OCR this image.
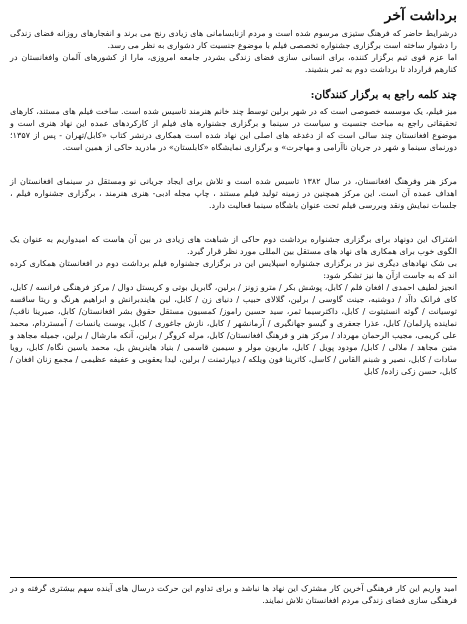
برداشت آخر

درشرایط حاضر که فرهنگ ستیزی مرسوم شده است و مردم ازنابسامانی های زیادی رنج می برند و انفجارهای روزانه فضای زندگی را دشوار ساخته است برگزاری جشنواره تخصصی فیلم با موضوع جنسیت کار دشواری به نظر می رسد.

اما عزم قوی تیم برگزار کننده، برای انسانی سازی فضای زندگی بشردر جامعه امروزی، مارا از کشورهای آلمان وافغانستان در کنارهم قرارداد تا برداشت دوم به ثمر بنشیند.

چند کلمه راجع به برگزار کنندگان:

میز فیلم، یک موسسه خصوصی است که در شهر برلین توسط چند خانم هنرمند تاسیس شده است. ساخت فیلم های مستند، کارهای تحقیقاتی راجع به مباحث جنسیت و سیاست در سینما و برگزاری جشنواره های فیلم از کارکردهای عمده این نهاد هنری است و موضوع افغانستان چند سالی است که از دغدغه های اصلی این نهاد شده است همکاری درنشر کتاب «کابل/تهران - پس از ۱۳۵۷؛ دورنمای سینما و شهر در جریان ناآرامی و مهاجرت» و برگزاری نمایشگاه «کابلستان» در مادرید حاکی از همین است.

مرکز هنر وفرهنگ افغانستان، در سال ۱۳۸۲ تاسیس شده است و تلاش برای ایجاد جریانی نو ومستقل در سینمای افغانستان از اهداف عمده آن است. این مرکز همچنین در زمینه تولید فیلم مستند ، چاپ مجله ادبی- هنری هنرمند ، برگزاری جشنواره فیلم ، جلسات نمایش ونقد وبررسی فیلم تحت عنوان باشگاه سینما فعالیت دارد.

اشتراک این دونهاد برای برگزاری جشنواره برداشت دوم حاکی از شباهت های زیادی در بین آن هاست که امیدواریم به عنوان یک الگوی خوب برای همکاری های نهاد های مستقل بین المللی مورد نظر قرار گیرد.

بی شک نهادهای دیگری نیز در برگزاری جشنواره اسپلایس این در برگزاری جشنواره فیلم برداشت دوم در افغانستان همکاری کرده اند که به جاست ازآن ها نیز تشکر شود:

انجیز لطیف احمدی / افغان فلم / کابل، پوشش بکر / مترو زونز / برلین، گابریل بوتی و کریستل دوال / مرکز فرهنگی فرانسه / کابل، کای فرانک داآد / دوشنبه، جینت گاوسی / برلین، گلالای حبیب / دنیای زن / کابل، لین هایندبرانش و ابراهیم هرنگ و ریتا ساقسه توسیانت / گوته انستیتوت / کابل، داکترسیما ثمر، سید حسین راموز/ کمسیون مستقل حقوق بشر افغانستان/ کابل، صبرینا ناقب/ نماینده پارلمان/ کابل، عذرا جعفری و گیسو جهانگیری / آرمانشهر / کابل، نازش جاغوری / کابل، یوست یانسات / آمستردام، محمد علی کریمی، مجیب الرحمان مهرداد / مرکز هنر و فرهنگ افغانستان/ کابل، مرله کروگر / برلین، آنکه مارشال / برلین، جمیله مجاهد و متین مجاهد / ملالی / کابل/ مودود پویل / کابل، ماریون مولر و سیمین قاسمی / بنیاد هاینریش بل، محمد یاسین نگاه/ کابل، رویا سادات / کابل، نصیر و شبنم القاس / کاسل، کاترینا فون ویلکه / دیپارتمنت / برلین، لیدا یعقوبی و عفیفه عظیمی / مجمع زنان افغان / کابل، حسن زکی زاده/ کابل

امید واریم این کار فرهنگی آخرین کار مشترک این نهاد ها نباشد و برای تداوم این حرکت درسال های آینده سهم بیشتری گرفته و در فرهنگی سازی فضای زندگی مردم افغانستان تلاش نمایند.
